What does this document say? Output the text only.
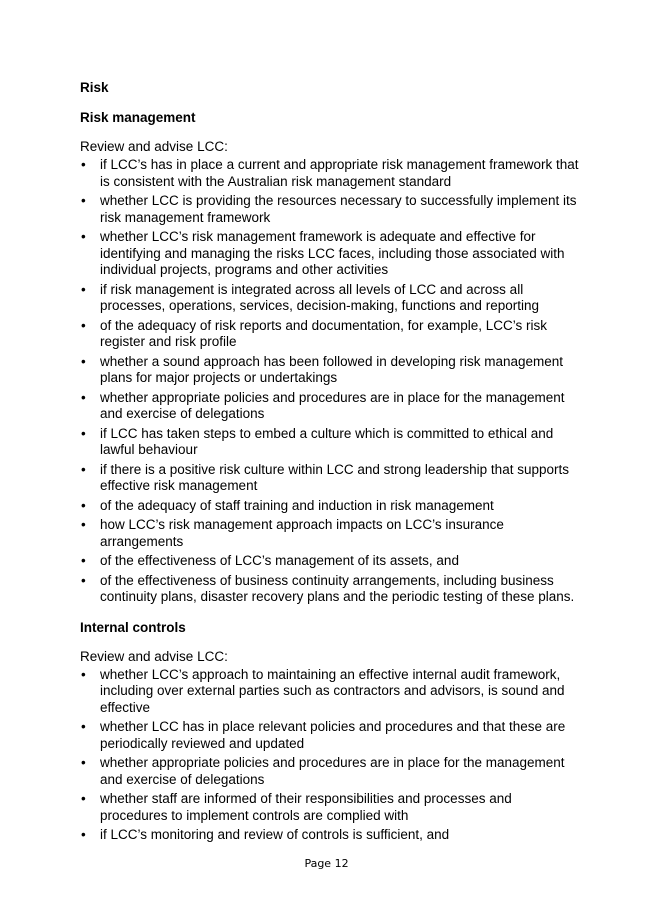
Risk
Risk management
Review and advise LCC:
• if LCC’s has in place a current and appropriate risk management framework that is consistent with the Australian risk management standard
• whether LCC is providing the resources necessary to successfully implement its risk management framework
• whether LCC’s risk management framework is adequate and effective for identifying and managing the risks LCC faces, including those associated with individual projects, programs and other activities
• if risk management is integrated across all levels of LCC and across all processes, operations, services, decision-making, functions and reporting
• of the adequacy of risk reports and documentation, for example, LCC’s risk register and risk profile
• whether a sound approach has been followed in developing risk management plans for major projects or undertakings
• whether appropriate policies and procedures are in place for the management and exercise of delegations
• if LCC has taken steps to embed a culture which is committed to ethical and lawful behaviour
• if there is a positive risk culture within LCC and strong leadership that supports effective risk management
• of the adequacy of staff training and induction in risk management
• how LCC’s risk management approach impacts on LCC’s insurance arrangements
• of the effectiveness of LCC’s management of its assets, and
• of the effectiveness of business continuity arrangements, including business continuity plans, disaster recovery plans and the periodic testing of these plans.
Internal controls
Review and advise LCC:
• whether LCC’s approach to maintaining an effective internal audit framework, including over external parties such as contractors and advisors, is sound and effective
• whether LCC has in place relevant policies and procedures and that these are periodically reviewed and updated
• whether appropriate policies and procedures are in place for the management and exercise of delegations
• whether staff are informed of their responsibilities and processes and procedures to implement controls are complied with
• if LCC’s monitoring and review of controls is sufficient, and
Page 12
